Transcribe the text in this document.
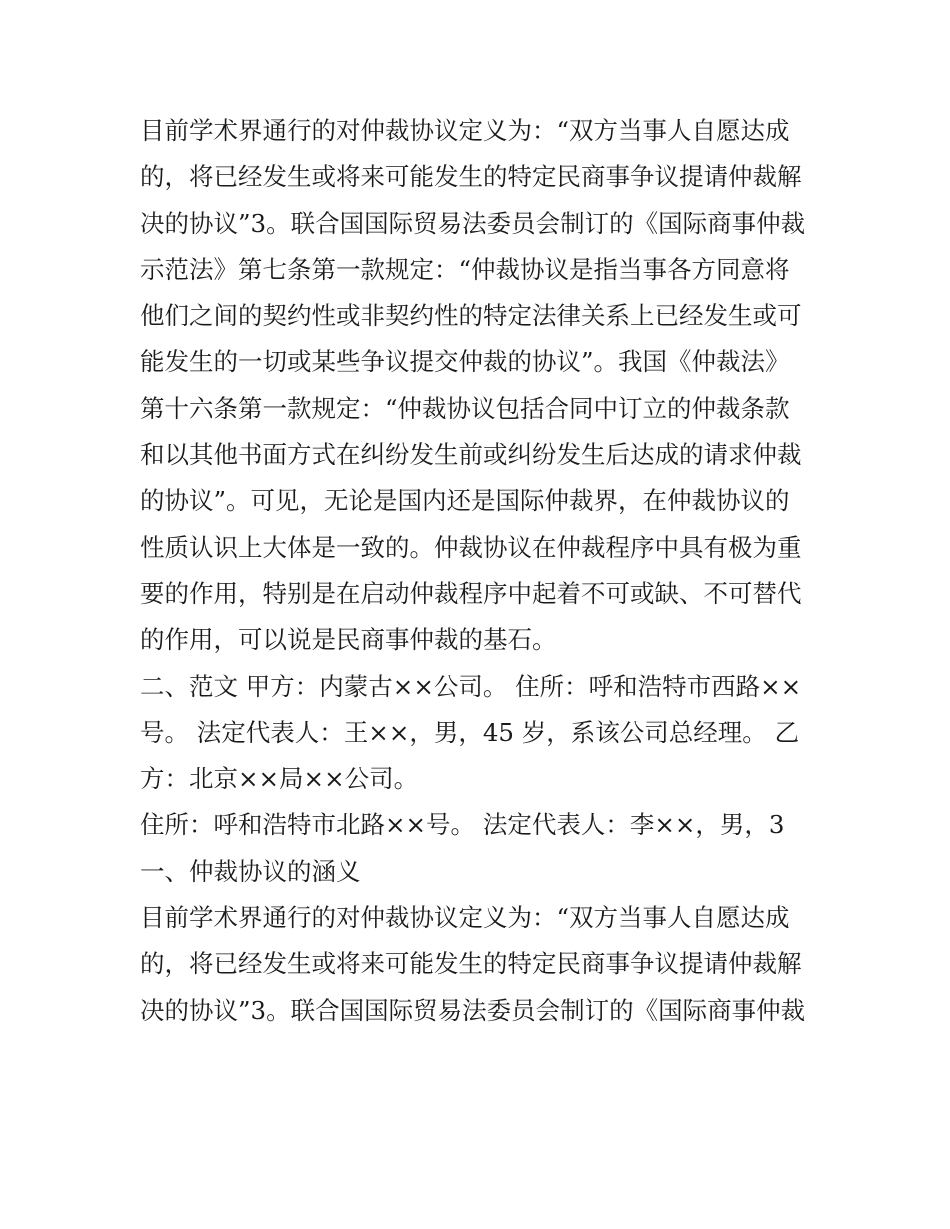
目前学术界通行的对仲裁协议定义为：“双方当事人自愿达成
的，将已经发生或将来可能发生的特定民商事争议提请仲裁解
决的协议”3。联合国国际贸易法委员会制订的《国际商事仲裁
示范法》第七条第一款规定：“仲裁协议是指当事各方同意将
他们之间的契约性或非契约性的特定法律关系上已经发生或可
能发生的一切或某些争议提交仲裁的协议”。我国《仲裁法》
第十六条第一款规定：“仲裁协议包括合同中订立的仲裁条款
和以其他书面方式在纠纷发生前或纠纷发生后达成的请求仲裁
的协议”。可见，无论是国内还是国际仲裁界，在仲裁协议的
性质认识上大体是一致的。仲裁协议在仲裁程序中具有极为重
要的作用，特别是在启动仲裁程序中起着不可或缺、不可替代
的作用，可以说是民商事仲裁的基石。
二、范文 甲方：内蒙古××公司。 住所：呼和浩特市西路××
号。 法定代表人：王××，男，45 岁，系该公司总经理。 乙
方：北京××局××公司。
住所：呼和浩特市北路××号。 法定代表人：李××，男，3
一、仲裁协议的涵义
目前学术界通行的对仲裁协议定义为：“双方当事人自愿达成
的，将已经发生或将来可能发生的特定民商事争议提请仲裁解
决的协议”3。联合国国际贸易法委员会制订的《国际商事仲裁
